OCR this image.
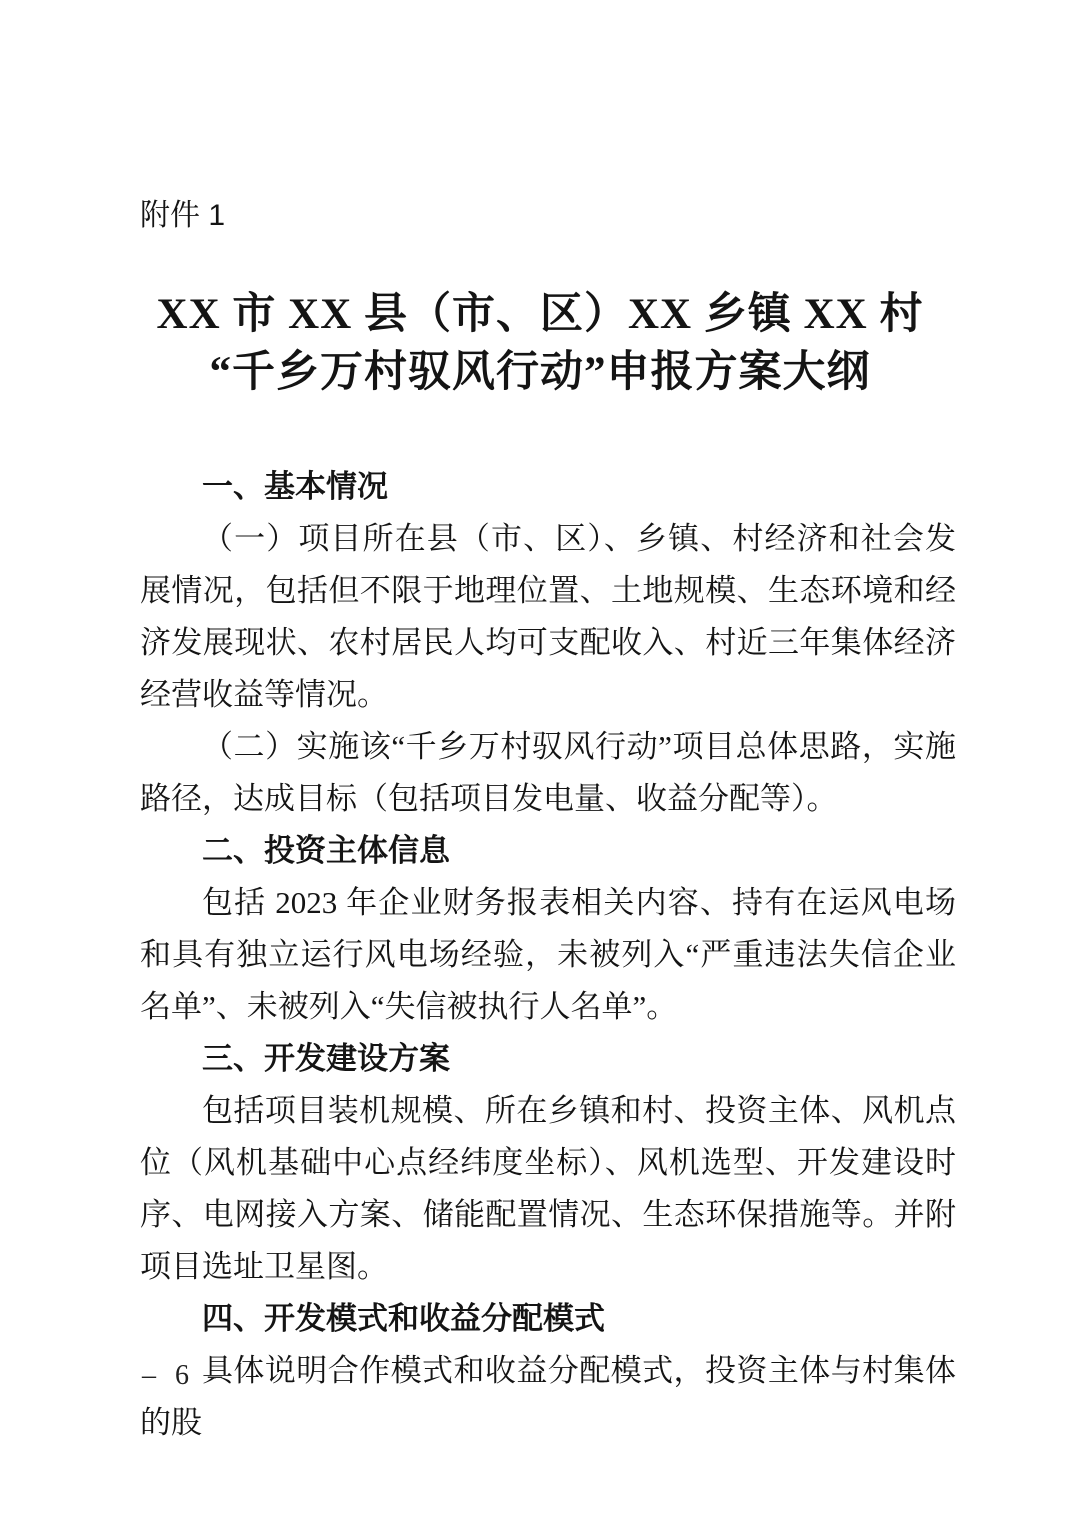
附件 1
XX 市 XX 县（市、区）XX 乡镇 XX 村
“千乡万村驭风行动”申报方案大纲
一、基本情况

（一）项目所在县（市、区）、乡镇、村经济和社会发展情况，包括但不限于地理位置、土地规模、生态环境和经济发展现状、农村居民人均可支配收入、村近三年集体经济经营收益等情况。

（二）实施该“千乡万村驭风行动”项目总体思路，实施路径，达成目标（包括项目发电量、收益分配等）。

二、投资主体信息

包括 2023 年企业财务报表相关内容、持有在运风电场和具有独立运行风电场经验，未被列入“严重违法失信企业名单”、未被列入“失信被执行人名单”。

三、开发建设方案

包括项目装机规模、所在乡镇和村、投资主体、风机点位（风机基础中心点经纬度坐标）、风机选型、开发建设时序、电网接入方案、储能配置情况、生态环保措施等。并附项目选址卫星图。

四、开发模式和收益分配模式

具体说明合作模式和收益分配模式，投资主体与村集体的股

– 6 –
